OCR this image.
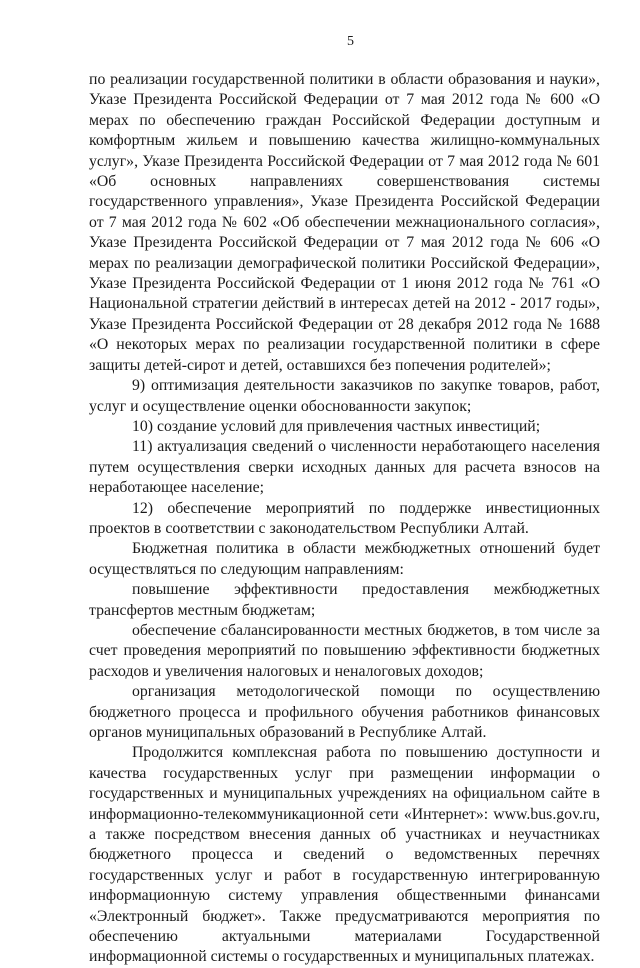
5

по реализации государственной политики в области образования и науки», Указе Президента Российской Федерации от 7 мая 2012 года № 600 «О мерах по обеспечению граждан Российской Федерации доступным и комфортным жильем и повышению качества жилищно-коммунальных услуг», Указе Президента Российской Федерации от 7 мая 2012 года № 601 «Об основных направлениях совершенствования системы государственного управления», Указе Президента Российской Федерации от 7 мая 2012 года № 602 «Об обеспечении межнационального согласия», Указе Президента Российской Федерации от 7 мая 2012 года № 606 «О мерах по реализации демографической политики Российской Федерации», Указе Президента Российской Федерации от 1 июня 2012 года № 761 «О Национальной стратегии действий в интересах детей на 2012 - 2017 годы», Указе Президента Российской Федерации от 28 декабря 2012 года № 1688 «О некоторых мерах по реализации государственной политики в сфере защиты детей-сирот и детей, оставшихся без попечения родителей»;

9) оптимизация деятельности заказчиков по закупке товаров, работ, услуг и осуществление оценки обоснованности закупок;

10) создание условий для привлечения частных инвестиций;

11) актуализация сведений о численности неработающего населения путем осуществления сверки исходных данных для расчета взносов на неработающее население;

12) обеспечение мероприятий по поддержке инвестиционных проектов в соответствии с законодательством Республики Алтай.

Бюджетная политика в области межбюджетных отношений будет осуществляться по следующим направлениям:

повышение эффективности предоставления межбюджетных трансфертов местным бюджетам;

обеспечение сбалансированности местных бюджетов, в том числе за счет проведения мероприятий по повышению эффективности бюджетных расходов и увеличения налоговых и неналоговых доходов;

организация методологической помощи по осуществлению бюджетного процесса и профильного обучения работников финансовых органов муниципальных образований в Республике Алтай.

Продолжится комплексная работа по повышению доступности и качества государственных услуг при размещении информации о государственных и муниципальных учреждениях на официальном сайте в информационно-телекоммуникационной сети «Интернет»: www.bus.gov.ru, а также посредством внесения данных об участниках и неучастниках бюджетного процесса и сведений о ведомственных перечнях государственных услуг и работ в государственную интегрированную информационную систему управления общественными финансами «Электронный бюджет». Также предусматриваются мероприятия по обеспечению актуальными материалами Государственной информационной системы о государственных и муниципальных платежах.
